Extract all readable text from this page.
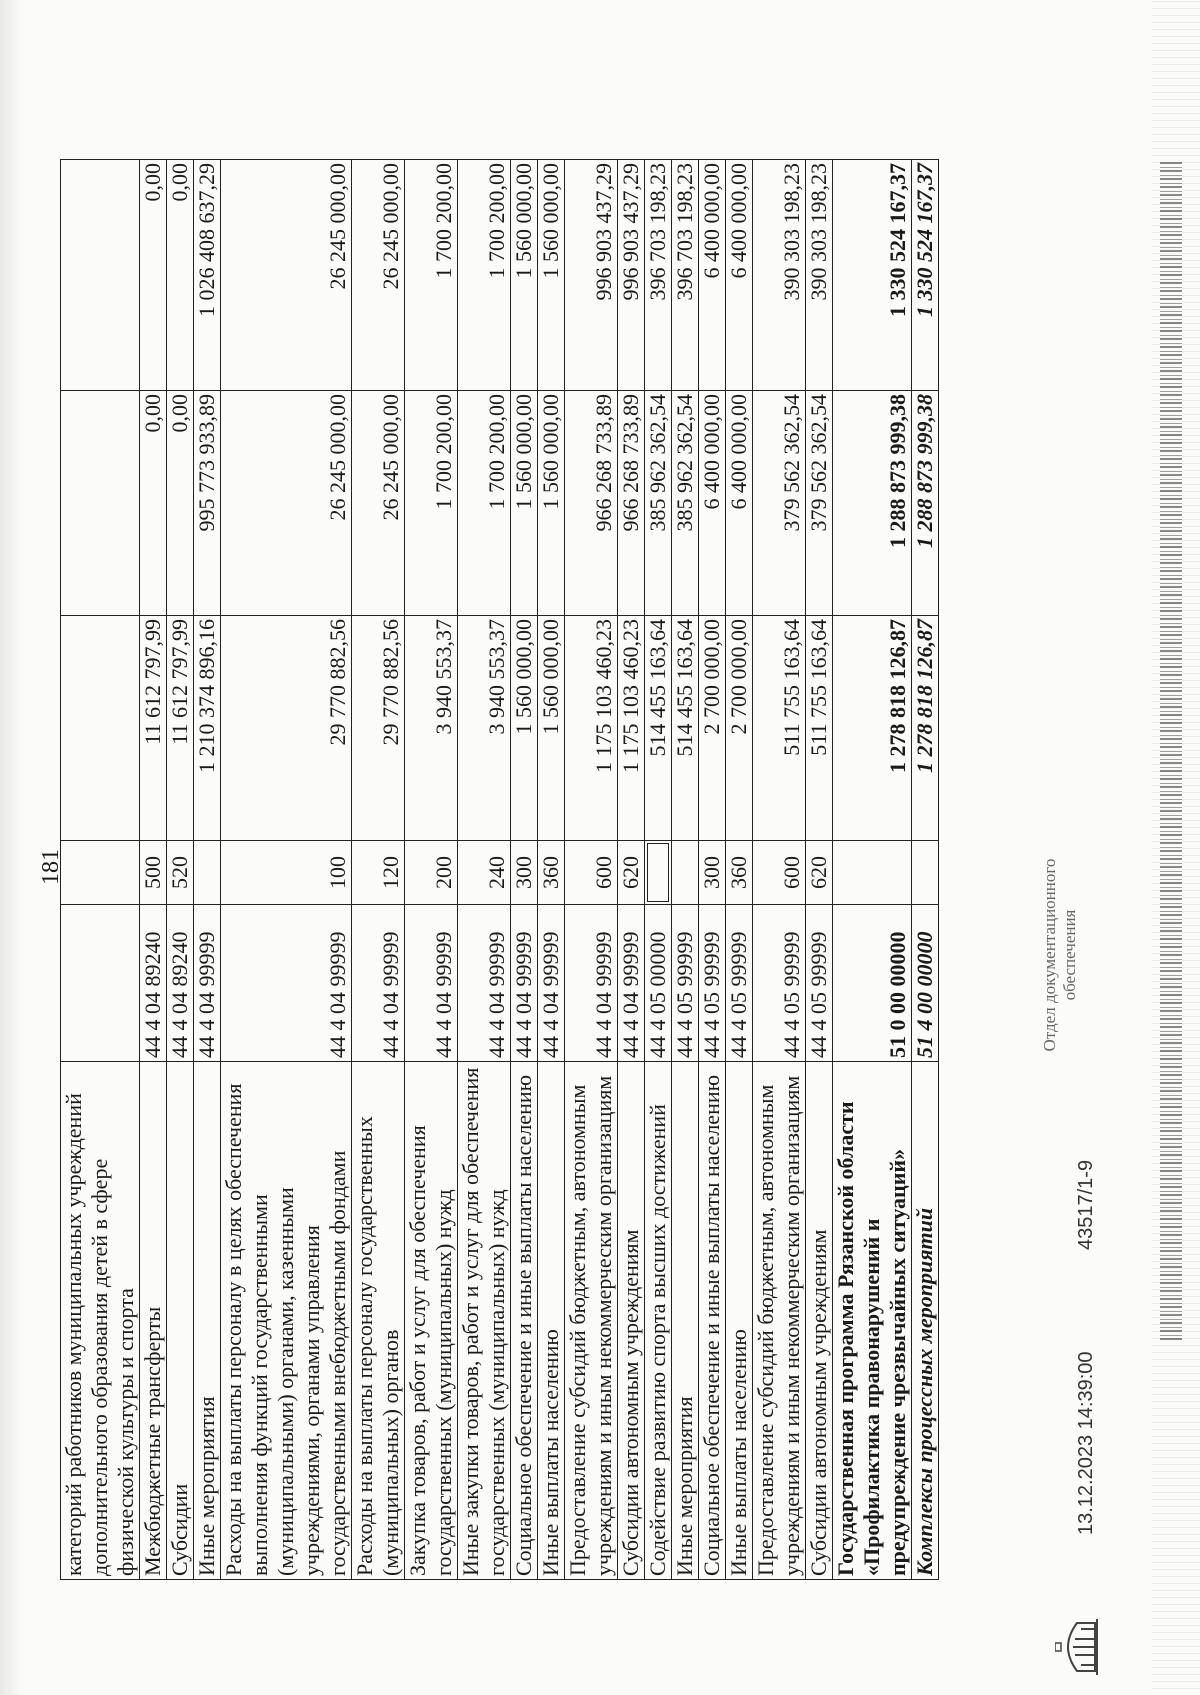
181
категорий работников муниципальных учреждений дополнительного образования детей в сфере физической культуры и спорта					
Межбюджетные трансферты	44 4 04 89240	500	11 612 797,99	0,00	0,00
Субсидии	44 4 04 89240	520	11 612 797,99	0,00	0,00
Иные мероприятия	44 4 04 99999		1 210 374 896,16	995 773 933,89	1 026 408 637,29
Расходы на выплаты персоналу в целях обеспечения выполнения функций государственными (муниципальными) органами, казенными учреждениями, органами управления государственными внебюджетными фондами	44 4 04 99999	100	29 770 882,56	26 245 000,00	26 245 000,00
Расходы на выплаты персоналу государственных (муниципальных) органов	44 4 04 99999	120	29 770 882,56	26 245 000,00	26 245 000,00
Закупка товаров, работ и услуг для обеспечения государственных (муниципальных) нужд	44 4 04 99999	200	3 940 553,37	1 700 200,00	1 700 200,00
Иные закупки товаров, работ и услуг для обеспечения государственных (муниципальных) нужд	44 4 04 99999	240	3 940 553,37	1 700 200,00	1 700 200,00
Социальное обеспечение и иные выплаты населению	44 4 04 99999	300	1 560 000,00	1 560 000,00	1 560 000,00
Иные выплаты населению	44 4 04 99999	360	1 560 000,00	1 560 000,00	1 560 000,00
Предоставление субсидий бюджетным, автономным учреждениям и иным некоммерческим организациям	44 4 04 99999	600	1 175 103 460,23	966 268 733,89	996 903 437,29
Субсидии автономным учреждениям	44 4 04 99999	620	1 175 103 460,23	966 268 733,89	996 903 437,29
Содействие развитию спорта высших достижений	44 4 05 00000		514 455 163,64	385 962 362,54	396 703 198,23
Иные мероприятия	44 4 05 99999		514 455 163,64	385 962 362,54	396 703 198,23
Социальное обеспечение и иные выплаты населению	44 4 05 99999	300	2 700 000,00	6 400 000,00	6 400 000,00
Иные выплаты населению	44 4 05 99999	360	2 700 000,00	6 400 000,00	6 400 000,00
Предоставление субсидий бюджетным, автономным учреждениям и иным некоммерческим организациям	44 4 05 99999	600	511 755 163,64	379 562 362,54	390 303 198,23
Субсидии автономным учреждениям	44 4 05 99999	620	511 755 163,64	379 562 362,54	390 303 198,23
Государственная программа Рязанской области «Профилактика правонарушений и предупреждение чрезвычайных ситуаций»	51 0 00 00000		1 278 818 126,87	1 288 873 999,38	1 330 524 167,37
Комплексы процессных мероприятий	51 4 00 00000		1 278 818 126,87	1 288 873 999,38	1 330 524 167,37
13.12.2023 14:39:00
43517/1-9
Отдел документационного обеспечения
